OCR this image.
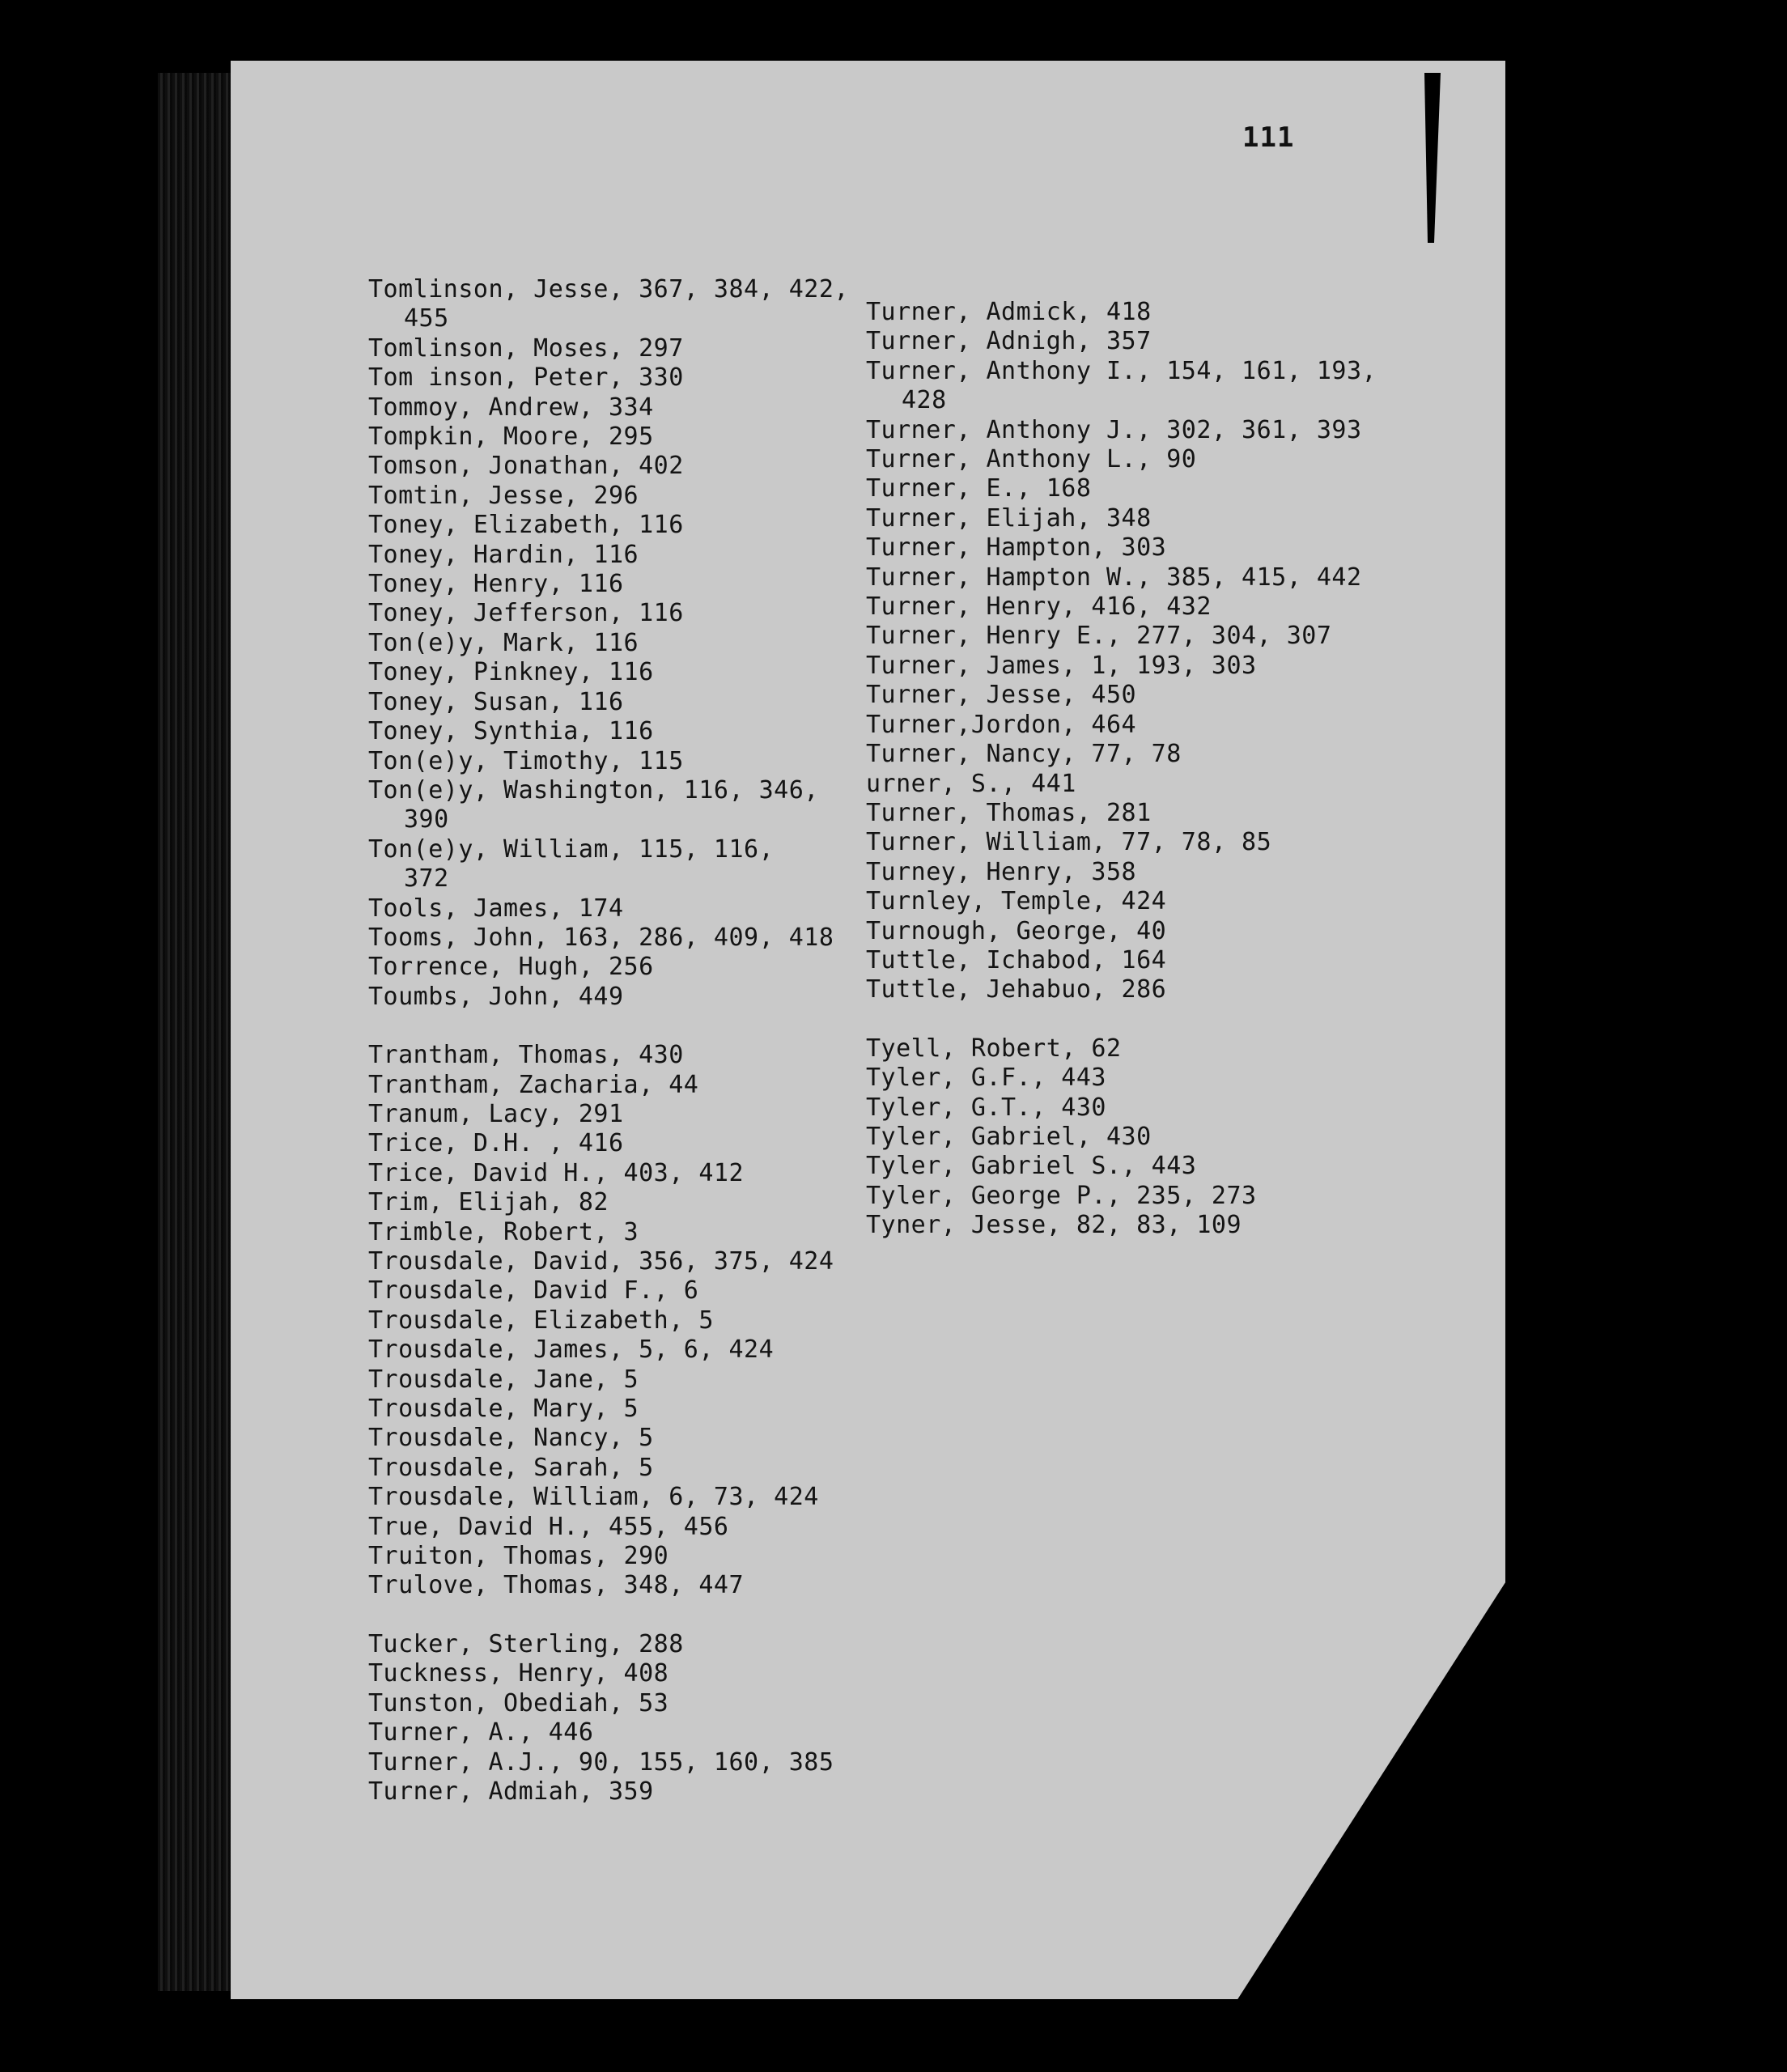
111
Tomlinson, Jesse, 367, 384, 422,
455
Tomlinson, Moses, 297
Tom inson, Peter, 330
Tommoy, Andrew, 334
Tompkin, Moore, 295
Tomson, Jonathan, 402
Tomtin, Jesse, 296
Toney, Elizabeth, 116
Toney, Hardin, 116
Toney, Henry, 116
Toney, Jefferson, 116
Ton(e)y, Mark, 116
Toney, Pinkney, 116
Toney, Susan, 116
Toney, Synthia, 116
Ton(e)y, Timothy, 115
Ton(e)y, Washington, 116, 346,
390
Ton(e)y, William, 115, 116,
372
Tools, James, 174
Tooms, John, 163, 286, 409, 418
Torrence, Hugh, 256
Toumbs, John, 449
Trantham, Thomas, 430
Trantham, Zacharia, 44
Tranum, Lacy, 291
Trice, D.H. , 416
Trice, David H., 403, 412
Trim, Elijah, 82
Trimble, Robert, 3
Trousdale, David, 356, 375, 424
Trousdale, David F., 6
Trousdale, Elizabeth, 5
Trousdale, James, 5, 6, 424
Trousdale, Jane, 5
Trousdale, Mary, 5
Trousdale, Nancy, 5
Trousdale, Sarah, 5
Trousdale, William, 6, 73, 424
True, David H., 455, 456
Truiton, Thomas, 290
Trulove, Thomas, 348, 447
Tucker, Sterling, 288
Tuckness, Henry, 408
Tunston, Obediah, 53
Turner, A., 446
Turner, A.J., 90, 155, 160, 385
Turner, Admiah, 359
Turner, Admick, 418
Turner, Adnigh, 357
Turner, Anthony I., 154, 161, 193,
428
Turner, Anthony J., 302, 361, 393
Turner, Anthony L., 90
Turner, E., 168
Turner, Elijah, 348
Turner, Hampton, 303
Turner, Hampton W., 385, 415, 442
Turner, Henry, 416, 432
Turner, Henry E., 277, 304, 307
Turner, James, 1, 193, 303
Turner, Jesse, 450
Turner,Jordon, 464
Turner, Nancy, 77, 78
urner, S., 441
Turner, Thomas, 281
Turner, William, 77, 78, 85
Turney, Henry, 358
Turnley, Temple, 424
Turnough, George, 40
Tuttle, Ichabod, 164
Tuttle, Jehabuo, 286
Tyell, Robert, 62
Tyler, G.F., 443
Tyler, G.T., 430
Tyler, Gabriel, 430
Tyler, Gabriel S., 443
Tyler, George P., 235, 273
Tyner, Jesse, 82, 83, 109
